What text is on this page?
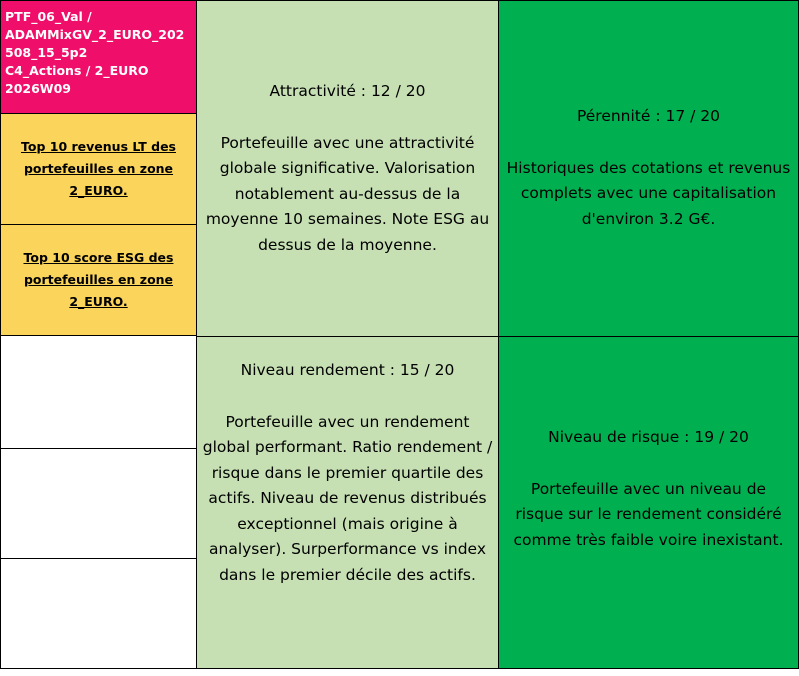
PTF_06_Val /
ADAMMixGV_2_EURO_202508_15_5p2
C4_Actions / 2_EURO
2026W09
Top 10 revenus LT des portefeuilles en zone 2_EURO.
Top 10 score ESG des portefeuilles en zone 2_EURO.
Attractivité : 12 / 20
Portefeuille avec une attractivité globale significative. Valorisation notablement au-dessus de la moyenne 10 semaines. Note ESG au dessus de la moyenne.
Niveau rendement : 15 / 20
Portefeuille avec un rendement global performant. Ratio rendement / risque dans le premier quartile des actifs. Niveau de revenus distribués exceptionnel (mais origine à analyser). Surperformance vs index dans le premier décile des actifs.
Pérennité : 17 / 20
Historiques des cotations et revenus complets avec une capitalisation d'environ 3.2 G€.
Niveau de risque : 19 / 20
Portefeuille avec un niveau de risque sur le rendement considéré comme très faible voire inexistant.
